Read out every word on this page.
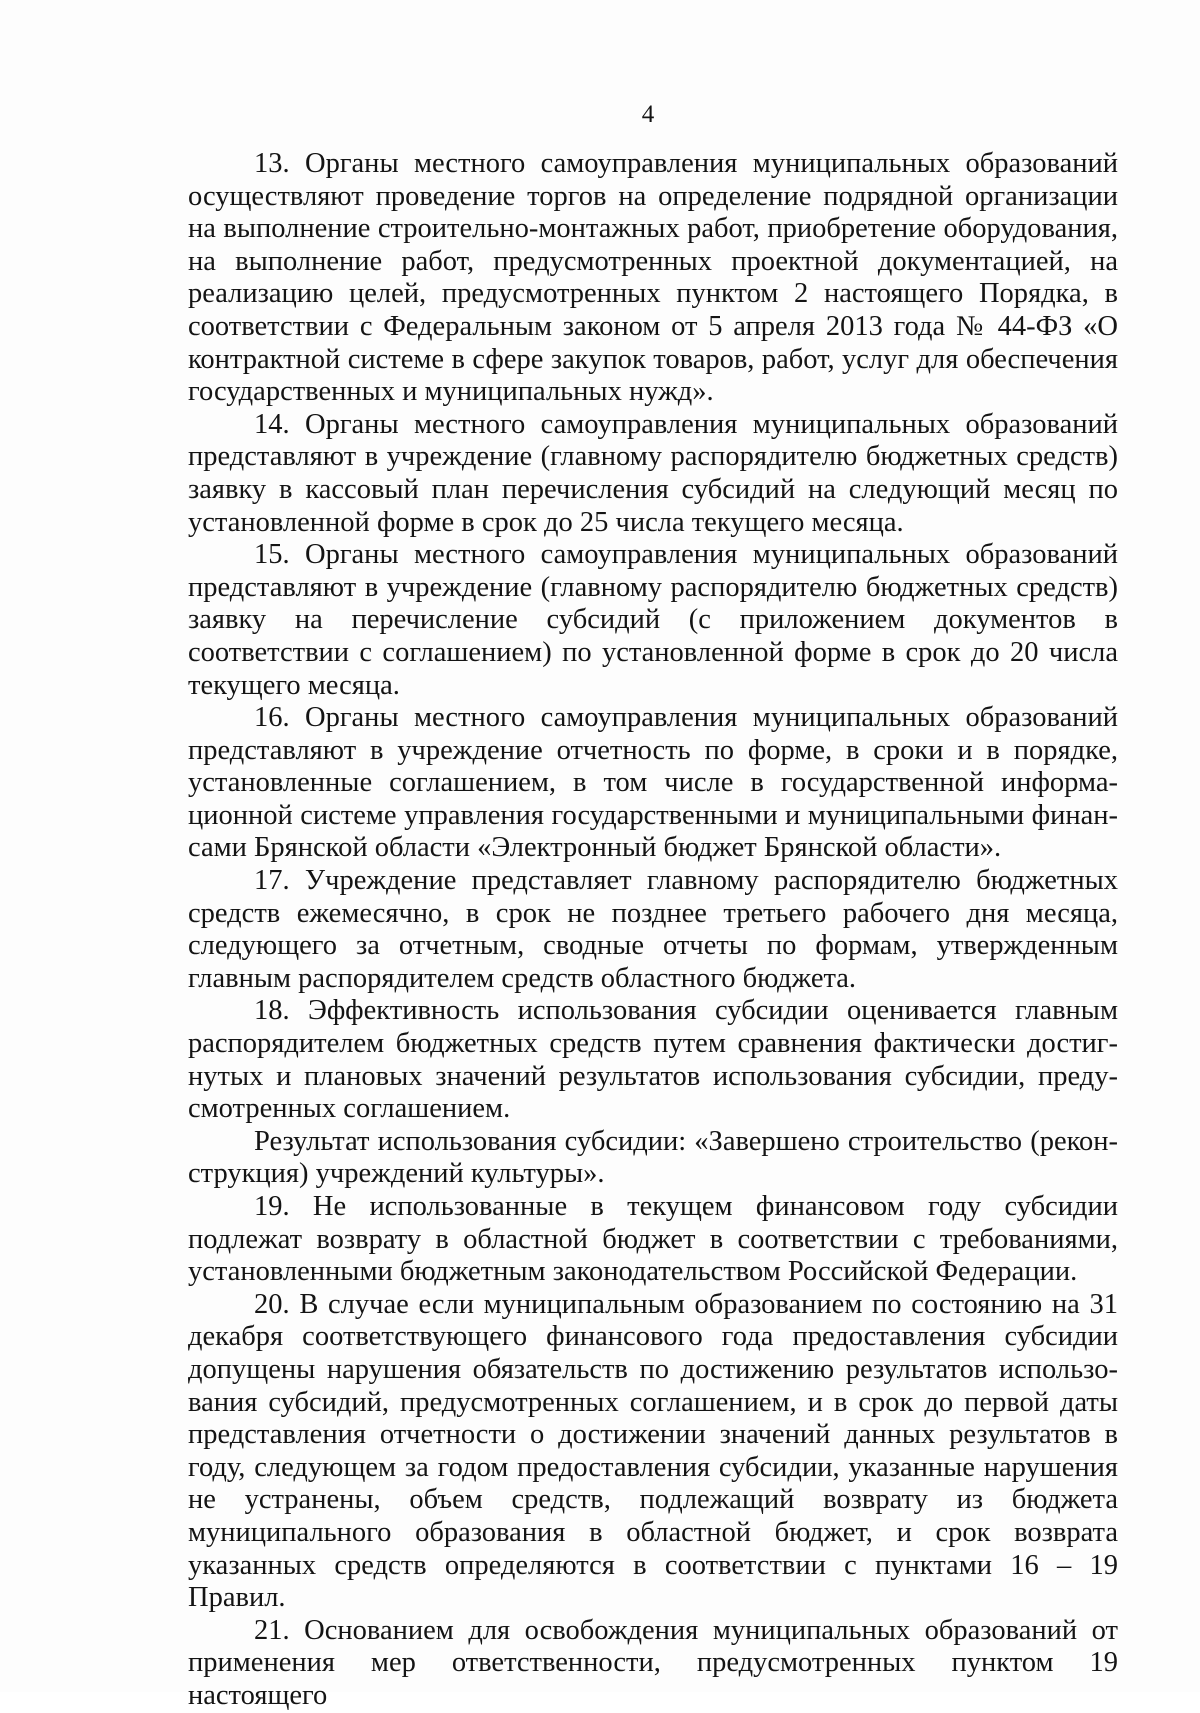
4

13. Органы местного самоуправления муниципальных образований осуществляют проведение торгов на определение подрядной организации на выполнение строительно-монтажных работ, приобретение оборудования, на выполнение работ, предусмотренных проектной документацией, на реализацию целей, предусмотренных пунктом 2 настоящего Порядка, в соответствии с Федеральным законом от 5 апреля 2013 года № 44-ФЗ «О контрактной системе в сфере закупок товаров, работ, услуг для обеспечения государственных и муниципальных нужд».

14. Органы местного самоуправления муниципальных образований представляют в учреждение (главному распорядителю бюджетных средств) заявку в кассовый план перечисления субсидий на следующий месяц по установленной форме в срок до 25 числа текущего месяца.

15. Органы местного самоуправления муниципальных образований представляют в учреждение (главному распорядителю бюджетных средств) заявку на перечисление субсидий (с приложением документов в соответствии с соглашением) по установленной форме в срок до 20 числа текущего месяца.

16. Органы местного самоуправления муниципальных образований представляют в учреждение отчетность по форме, в сроки и в порядке, установленные соглашением, в том числе в государственной информационной системе управления государственными и муниципальными финансами Брянской области «Электронный бюджет Брянской области».

17. Учреждение представляет главному распорядителю бюджетных средств ежемесячно, в срок не позднее третьего рабочего дня месяца, следующего за отчетным, сводные отчеты по формам, утвержденным главным распорядителем средств областного бюджета.

18. Эффективность использования субсидии оценивается главным распорядителем бюджетных средств путем сравнения фактически достигнутых и плановых значений результатов использования субсидии, предусмотренных соглашением.

Результат использования субсидии: «Завершено строительство (реконструкция) учреждений культуры».

19. Не использованные в текущем финансовом году субсидии подлежат возврату в областной бюджет в соответствии с требованиями, установленными бюджетным законодательством Российской Федерации.

20. В случае если муниципальным образованием по состоянию на 31 декабря соответствующего финансового года предоставления субсидии допущены нарушения обязательств по достижению результатов использования субсидий, предусмотренных соглашением, и в срок до первой даты представления отчетности о достижении значений данных результатов в году, следующем за годом предоставления субсидии, указанные нарушения не устранены, объем средств, подлежащий возврату из бюджета муниципального образования в областной бюджет, и срок возврата указанных средств определяются в соответствии с пунктами 16 – 19 Правил.

21. Основанием для освобождения муниципальных образований от применения мер ответственности, предусмотренных пунктом 19 настоящего
